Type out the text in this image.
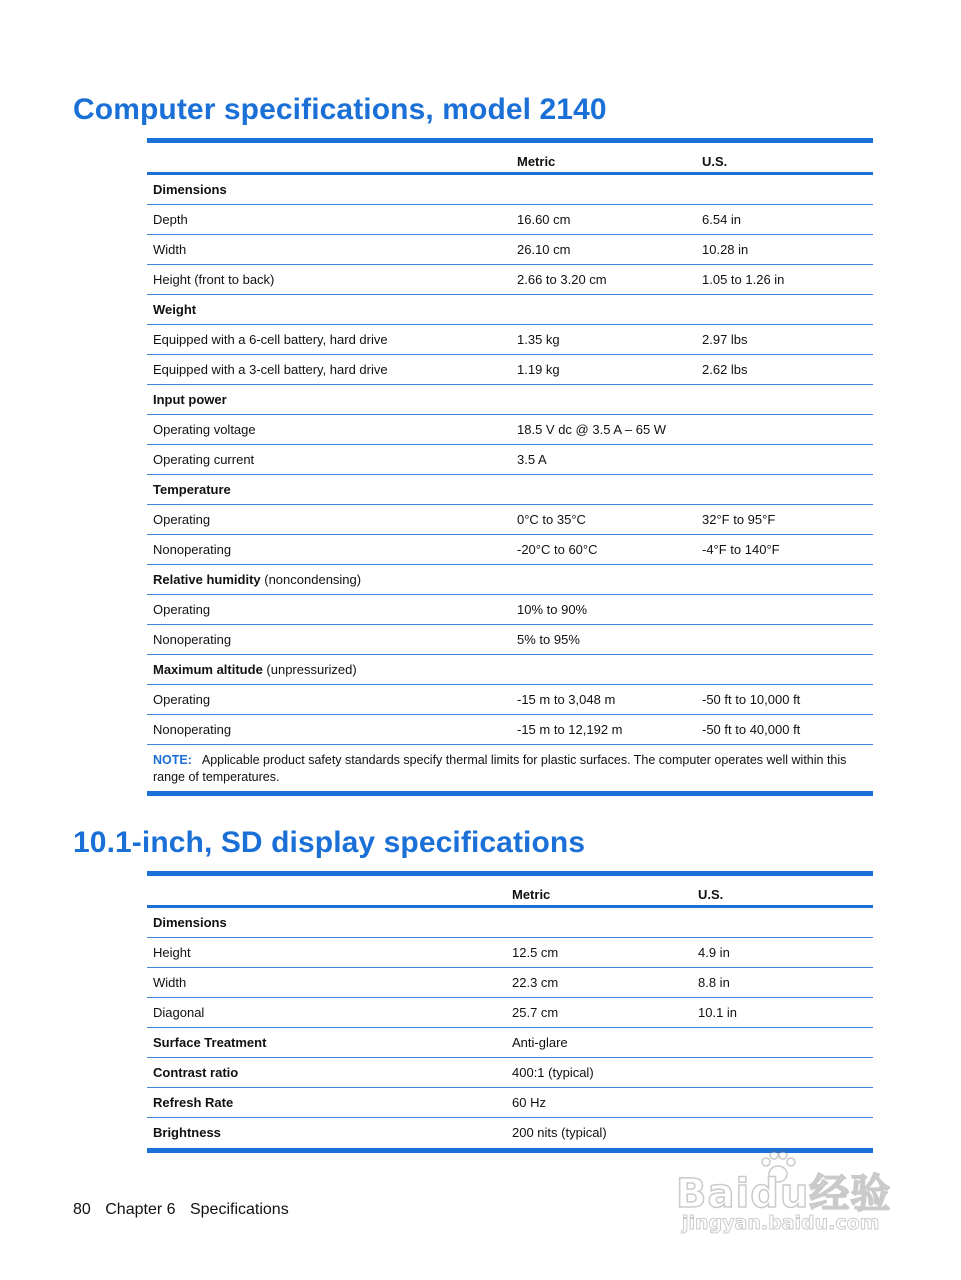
Computer specifications, model 2140
Metric	U.S.
Dimensions
Depth	16.60 cm	6.54 in
Width	26.10 cm	10.28 in
Height (front to back)	2.66 to 3.20 cm	1.05 to 1.26 in
Weight
Equipped with a 6-cell battery, hard drive	1.35 kg	2.97 lbs
Equipped with a 3-cell battery, hard drive	1.19 kg	2.62 lbs
Input power
Operating voltage	18.5 V dc @ 3.5 A – 65 W
Operating current	3.5 A
Temperature
Operating	0°C to 35°C	32°F to 95°F
Nonoperating	-20°C to 60°C	-4°F to 140°F
Relative humidity (noncondensing)
Operating	10% to 90%
Nonoperating	5% to 95%
Maximum altitude (unpressurized)
Operating	-15 m to 3,048 m	-50 ft to 10,000 ft
Nonoperating	-15 m to 12,192 m	-50 ft to 40,000 ft
NOTE: Applicable product safety standards specify thermal limits for plastic surfaces. The computer operates well within this range of temperatures.
10.1-inch, SD display specifications
Metric	U.S.
Dimensions
Height	12.5 cm	4.9 in
Width	22.3 cm	8.8 in
Diagonal	25.7 cm	10.1 in
Surface Treatment	Anti-glare
Contrast ratio	400:1 (typical)
Refresh Rate	60 Hz
Brightness	200 nits (typical)
80 Chapter 6 Specifications	Baidu经验
jingyan.baidu.com
